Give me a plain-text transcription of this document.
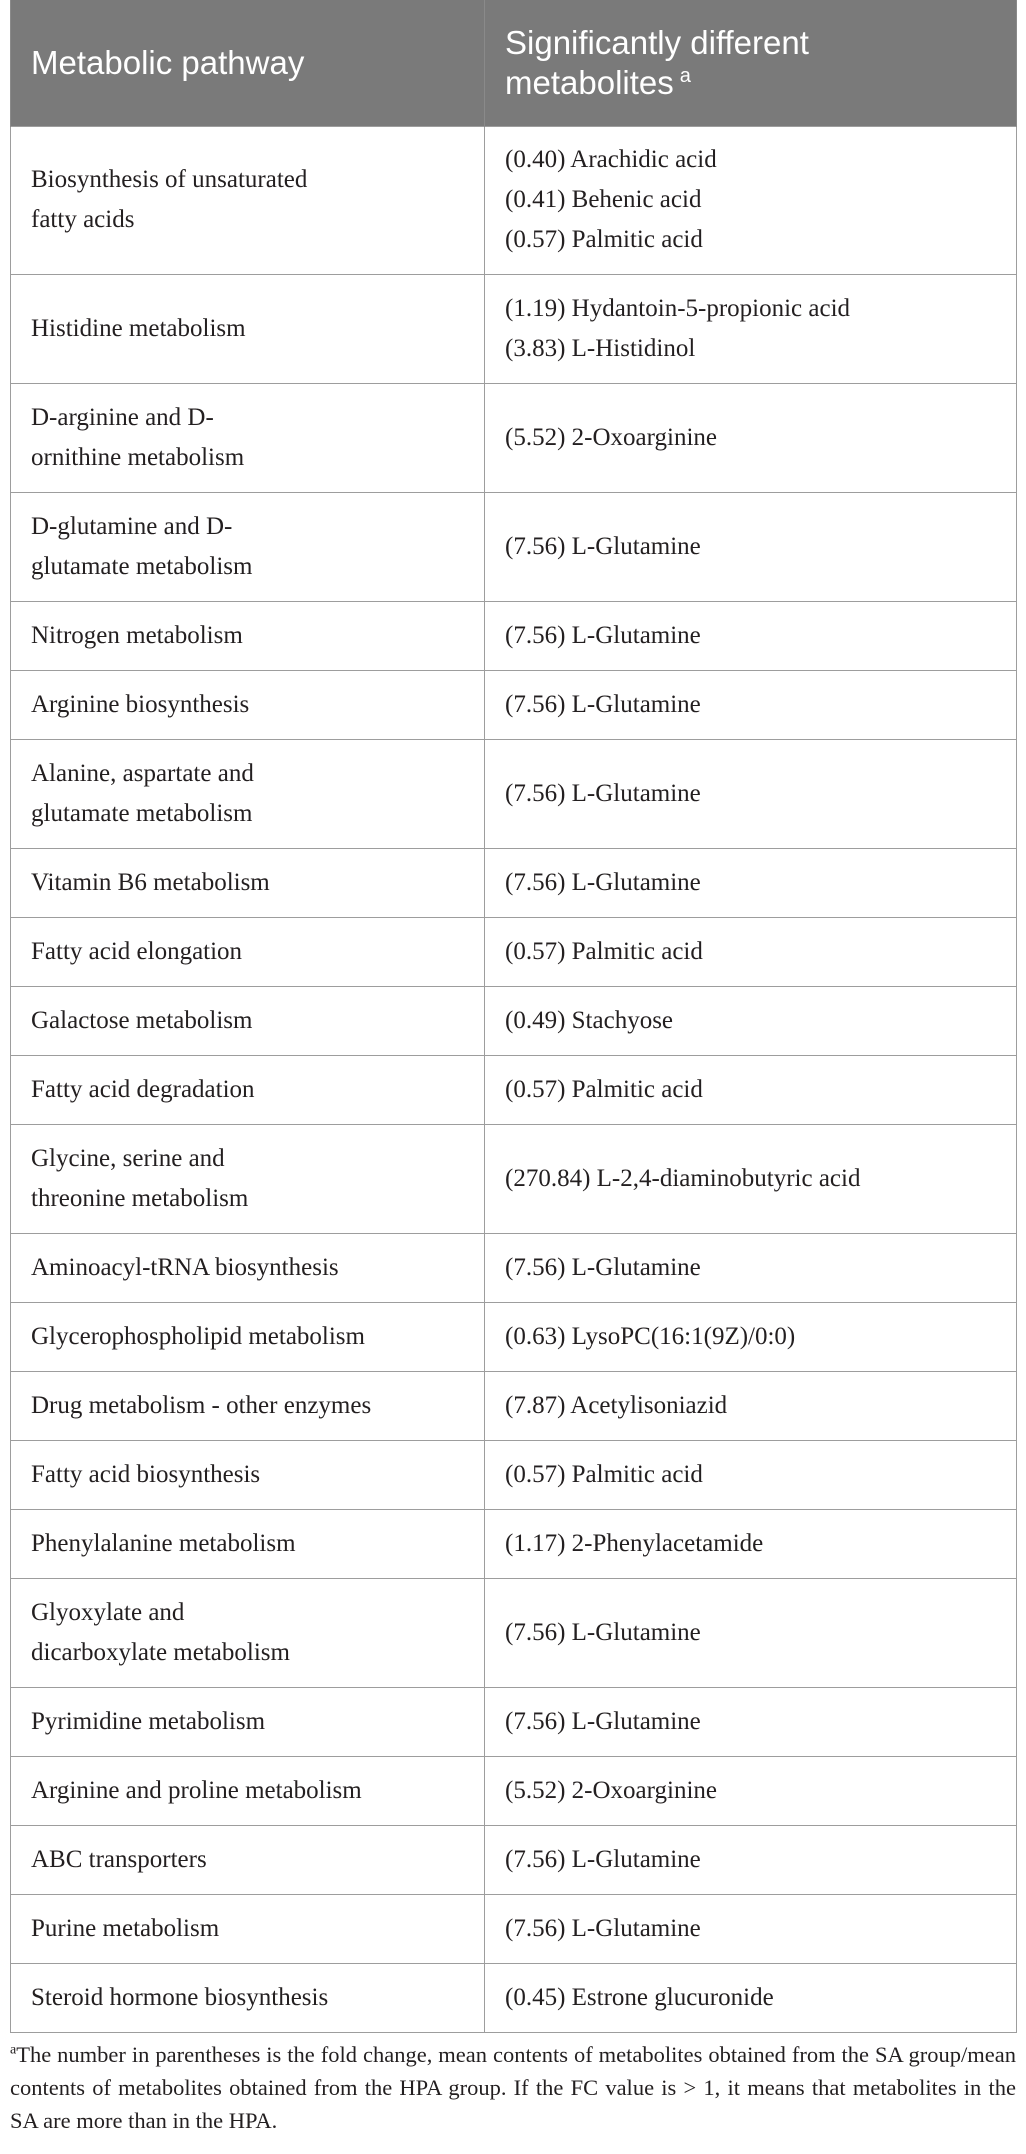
Metabolic pathway	Significantly different
metabolites $^a$

Biosynthesis of unsaturated
fatty acids	(0.40) Arachidic acid
(0.41) Behenic acid
(0.57) Palmitic acid

Histidine metabolism	(1.19) Hydantoin-5-propionic acid
(3.83) L-Histidinol

D-arginine and D-
ornithine metabolism	(5.52) 2-Oxoarginine

D-glutamine and D-
glutamate metabolism	(7.56) L-Glutamine

Nitrogen metabolism	(7.56) L-Glutamine

Arginine biosynthesis	(7.56) L-Glutamine

Alanine, aspartate and
glutamate metabolism	(7.56) L-Glutamine

Vitamin B6 metabolism	(7.56) L-Glutamine

Fatty acid elongation	(0.57) Palmitic acid

Galactose metabolism	(0.49) Stachyose

Fatty acid degradation	(0.57) Palmitic acid

Glycine, serine and
threonine metabolism	(270.84) L-2,4-diaminobutyric acid

Aminoacyl-tRNA biosynthesis	(7.56) L-Glutamine

Glycerophospholipid metabolism	(0.63) LysoPC(16:1(9Z)/0:0)

Drug metabolism - other enzymes	(7.87) Acetylisoniazid

Fatty acid biosynthesis	(0.57) Palmitic acid

Phenylalanine metabolism	(1.17) 2-Phenylacetamide

Glyoxylate and
dicarboxylate metabolism	(7.56) L-Glutamine

Pyrimidine metabolism	(7.56) L-Glutamine

Arginine and proline metabolism	(5.52) 2-Oxoarginine

ABC transporters	(7.56) L-Glutamine

Purine metabolism	(7.56) L-Glutamine

Steroid hormone biosynthesis	(0.45) Estrone glucuronide
$^a$The number in parentheses is the fold change, mean contents of metabolites obtained from the SA group/mean contents of metabolites obtained from the HPA group. If the FC value is > 1, it means that metabolites in the SA are more than in the HPA.
